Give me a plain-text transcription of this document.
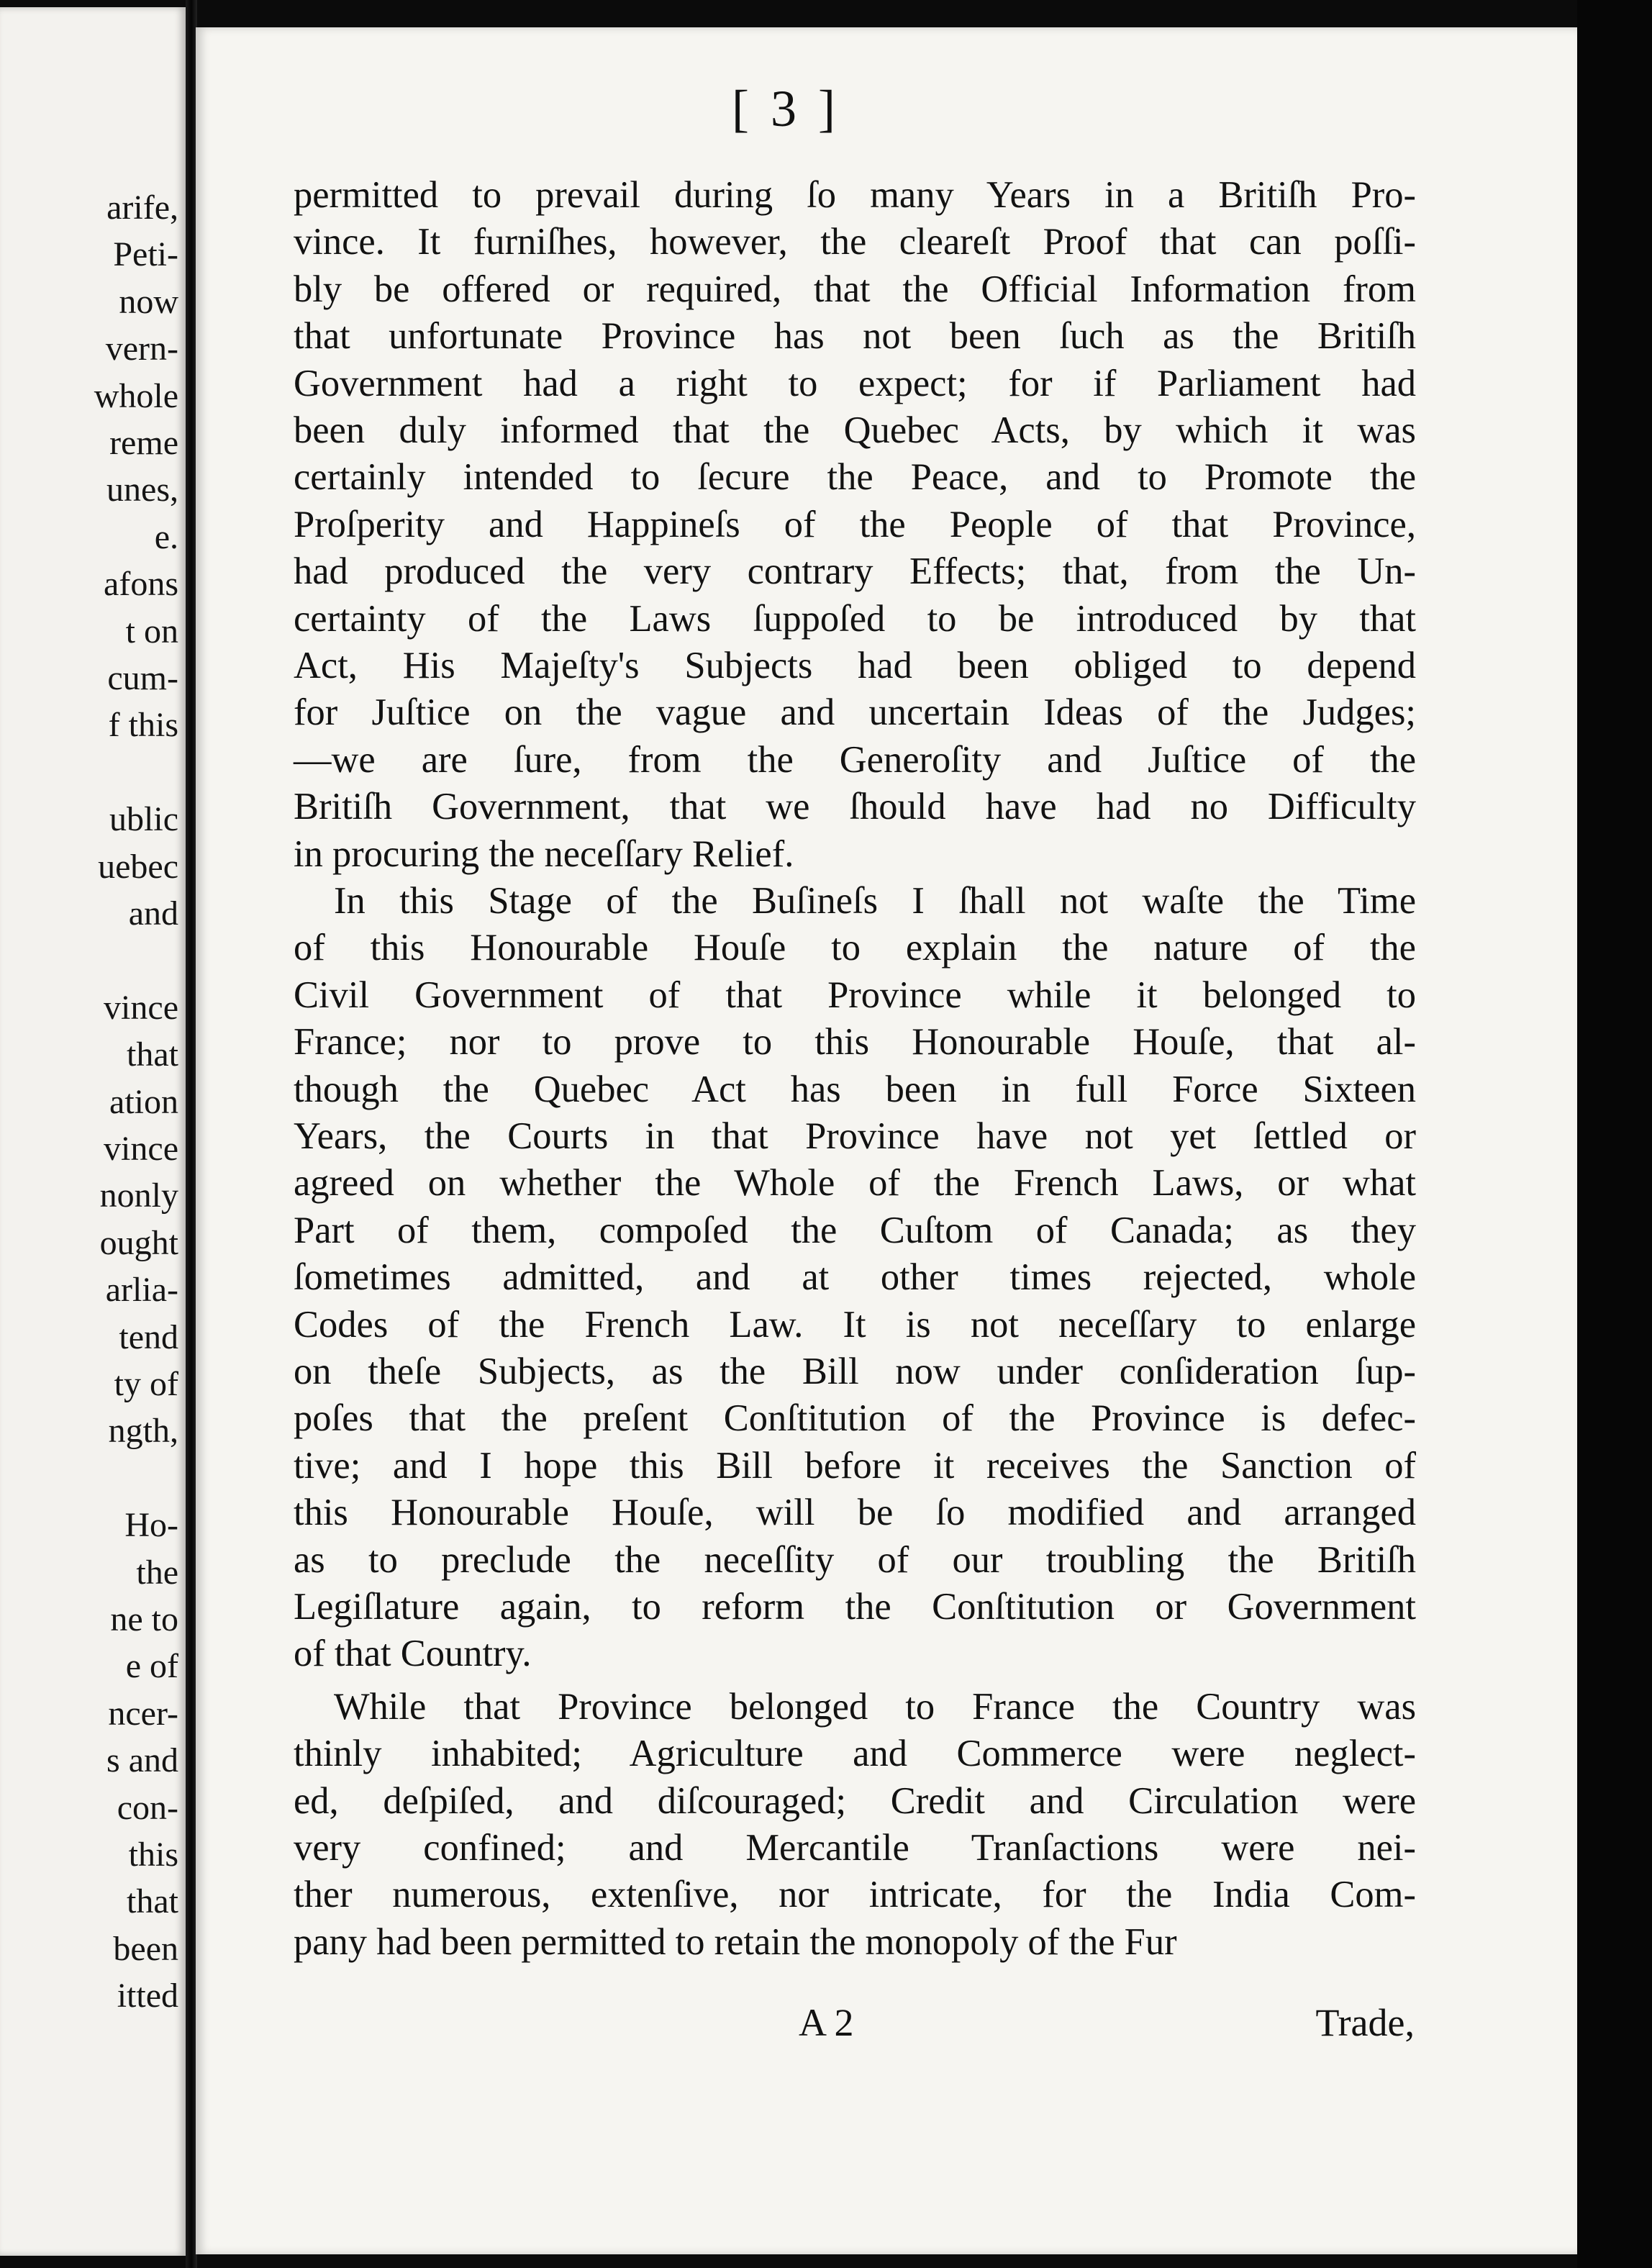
arife,
Peti-
now
vern-
whole
reme
unes,
e.
afons
t on
cum-
f this
ublic
uebec
and
vince
that
ation
vince
nonly
ought
arlia-
tend
ty of
ngth,
Ho-
the
ne to
e of
ncer-
s and
con-
this
that
been
itted
[ 3 ]
permitted to prevail during ſo many Years in a Britiſh Pro-
vince. It furniſhes, however, the cleareſt Proof that can poſſi-
bly be offered or required, that the Official Information from
that unfortunate Province has not been ſuch as the Britiſh
Government had a right to expect; for if Parliament had
been duly informed that the Quebec Acts, by which it was
certainly intended to ſecure the Peace, and to Promote the
Proſperity and Happineſs of the People of that Province,
had produced the very contrary Effects; that, from the Un-
certainty of the Laws ſuppoſed to be introduced by that
Act, His Majeſty's Subjects had been obliged to depend
for Juſtice on the vague and uncertain Ideas of the Judges;
—we are ſure, from the Generoſity and Juſtice of the
Britiſh Government, that we ſhould have had no Difficulty
in procuring the neceſſary Relief.
In this Stage of the Buſineſs I ſhall not waſte the Time
of this Honourable Houſe to explain the nature of the
Civil Government of that Province while it belonged to
France; nor to prove to this Honourable Houſe, that al-
though the Quebec Act has been in full Force Sixteen
Years, the Courts in that Province have not yet ſettled or
agreed on whether the Whole of the French Laws, or what
Part of them, compoſed the Cuſtom of Canada; as they
ſometimes admitted, and at other times rejected, whole
Codes of the French Law. It is not neceſſary to enlarge
on theſe Subjects, as the Bill now under conſideration ſup-
poſes that the preſent Conſtitution of the Province is defec-
tive; and I hope this Bill before it receives the Sanction of
this Honourable Houſe, will be ſo modified and arranged
as to preclude the neceſſity of our troubling the Britiſh
Legiſlature again, to reform the Conſtitution or Government
of that Country.
While that Province belonged to France the Country was
thinly inhabited; Agriculture and Commerce were neglect-
ed, deſpiſed, and diſcouraged; Credit and Circulation were
very confined; and Mercantile Tranſactions were nei-
ther numerous, extenſive, nor intricate, for the India Com-
pany had been permitted to retain the monopoly of the Fur
A 2	Trade,
